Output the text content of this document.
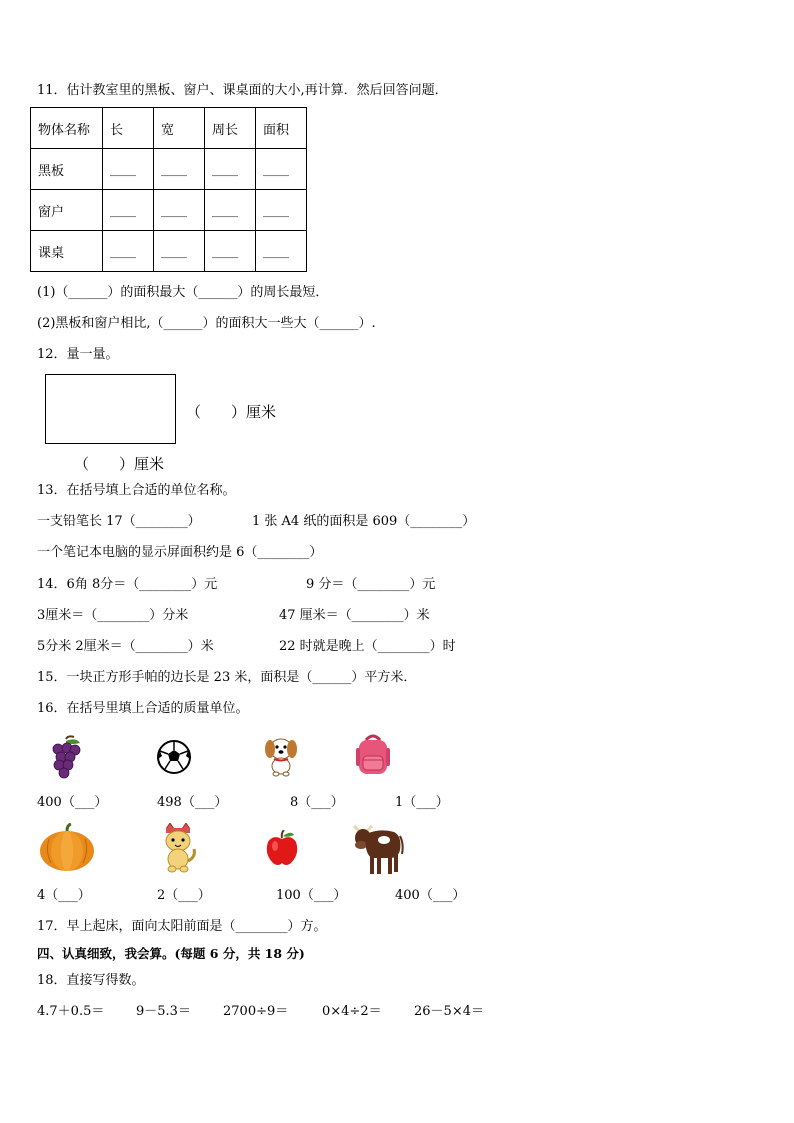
11．估计教室里的黑板、窗户、课桌面的大小,再计算．然后回答问题．
物体名称	长	宽	周长	面积
黑板	____	____	____	____
窗户	____	____	____	____
课桌	____	____	____	____
(1)（______）的面积最大（______）的周长最短．
(2)黑板和窗户相比,（______）的面积大一些大（______）.
12．量一量。
（　　）厘米
（　　）厘米
13．在括号填上合适的单位名称。
一支铅笔长 17（________）	1 张 A4 纸的面积是 609（________）
一个笔记本电脑的显示屏面积约是 6（________）
14．6角 8分＝（________）元	9 分＝（________）元
3厘米＝（________）分米	47 厘米＝（________）米
5分米 2厘米＝（________）米	22 时就是晚上（________）时
15．一块正方形手帕的边长是 23 米，面积是（______）平方米．
16．在括号里填上合适的质量单位。
400（___）	498（___）	8（___）	1（___）
4（___）	2（___）	100（___）	400（___）
17．早上起床，面向太阳前面是（________）方。
四、认真细致，我会算。(每题 6 分，共 18 分)
18．直接写得数。
4.7＋0.5＝ 9－5.3＝ 2700÷9＝	0×4÷2＝ 26－5×4＝
